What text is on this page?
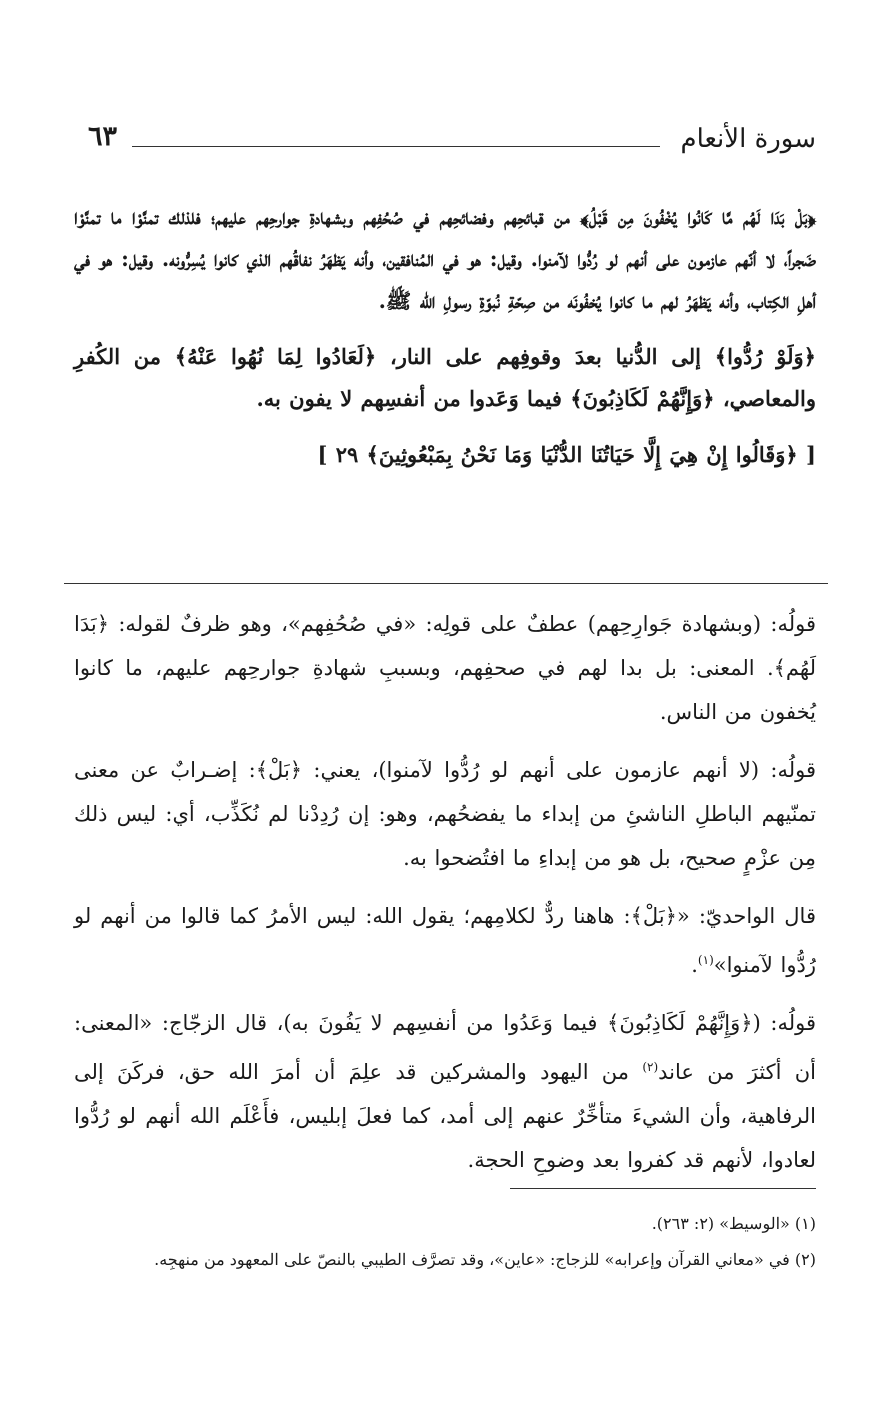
سورة الأنعام
٦٣

﴿بَلْ بَدَا لَهُم مَّا كَانُوا يُخْفُونَ مِن قَبْلُ﴾ من قبائحِهم وفضائحِهم في صُحُفِهم وبشهادةِ جوارحِهم عليهم؛ فلذلك تمنَّوْا ما تمنَّوْا ضَجراً، لا أنّهم عازمون على أنهم لو رُدُّوا لآمنوا. وقيل: هو في المُنافقين، وأنه يَظهَرُ نفاقُهم الذي كانوا يُسِرُّونه. وقيل: هو في أهلِ الكِتاب، وأنه يَظهَرُ لهم ما كانوا يُخفُونَه من صِحّةِ نُبوّةِ رسولِ الله ﷺ.

﴿وَلَوْ رُدُّوا﴾ إلى الدُّنيا بعدَ وقوفِهم على النار، ﴿لَعَادُوا لِمَا نُهُوا عَنْهُ﴾ من الكُفرِ والمعاصي، ﴿وَإِنَّهُمْ لَكَاذِبُونَ﴾ فيما وَعَدوا من أنفسِهم لا يفون به.

[ ﴿وَقَالُوا إِنْ هِيَ إِلَّا حَيَاتُنَا الدُّنْيَا وَمَا نَحْنُ بِمَبْعُوثِينَ﴾ ٢٩ ]

قولُه: (وبشهادة جَوارِحِهم) عطفٌ على قولِه: «في صُحُفِهم»، وهو ظرفٌ لقوله: ﴿بَدَا لَهُم﴾. المعنى: بل بدا لهم في صحفِهم، وبسببِ شهادةِ جوارحِهم عليهم، ما كانوا يُخفون من الناس.

قولُه: (لا أنهم عازمون على أنهم لو رُدُّوا لآمنوا)، يعني: ﴿بَلْ﴾: إضـرابٌ عن معنى تمنّيهم الباطلِ الناشئِ من إبداء ما يفضحُهم، وهو: إن رُدِدْنا لم نُكَذِّب، أي: ليس ذلك مِن عزْمٍ صحيح، بل هو من إبداءِ ما افتُضحوا به.

قال الواحديّ: «﴿بَلْ﴾: هاهنا ردٌّ لكلامِهم؛ يقول الله: ليس الأمرُ كما قالوا من أنهم لو رُدُّوا لآمنوا»$^{(١)}$.

قولُه: (﴿وَإِنَّهُمْ لَكَاذِبُونَ﴾ فيما وَعَدُوا من أنفسِهم لا يَفُونَ به)، قال الزجّاج: «المعنى: أن أكثرَ من عاند$^{(٢)}$ من اليهود والمشركين قد علِمَ أن أمرَ الله حق، فركَنَ إلى الرفاهية، وأن الشيءَ متأخِّرٌ عنهم إلى أمد، كما فعلَ إبليس، فأَعْلَم الله أنهم لو رُدُّوا لعادوا، لأنهم قد كفروا بعد وضوحِ الحجة.

(١) «الوسيط» (٢: ٢٦٣).

(٢) في «معاني القرآن وإعرابه» للزجاج: «عاين»، وقد تصرَّف الطيبي بالنصّ على المعهود من منهجِه.
